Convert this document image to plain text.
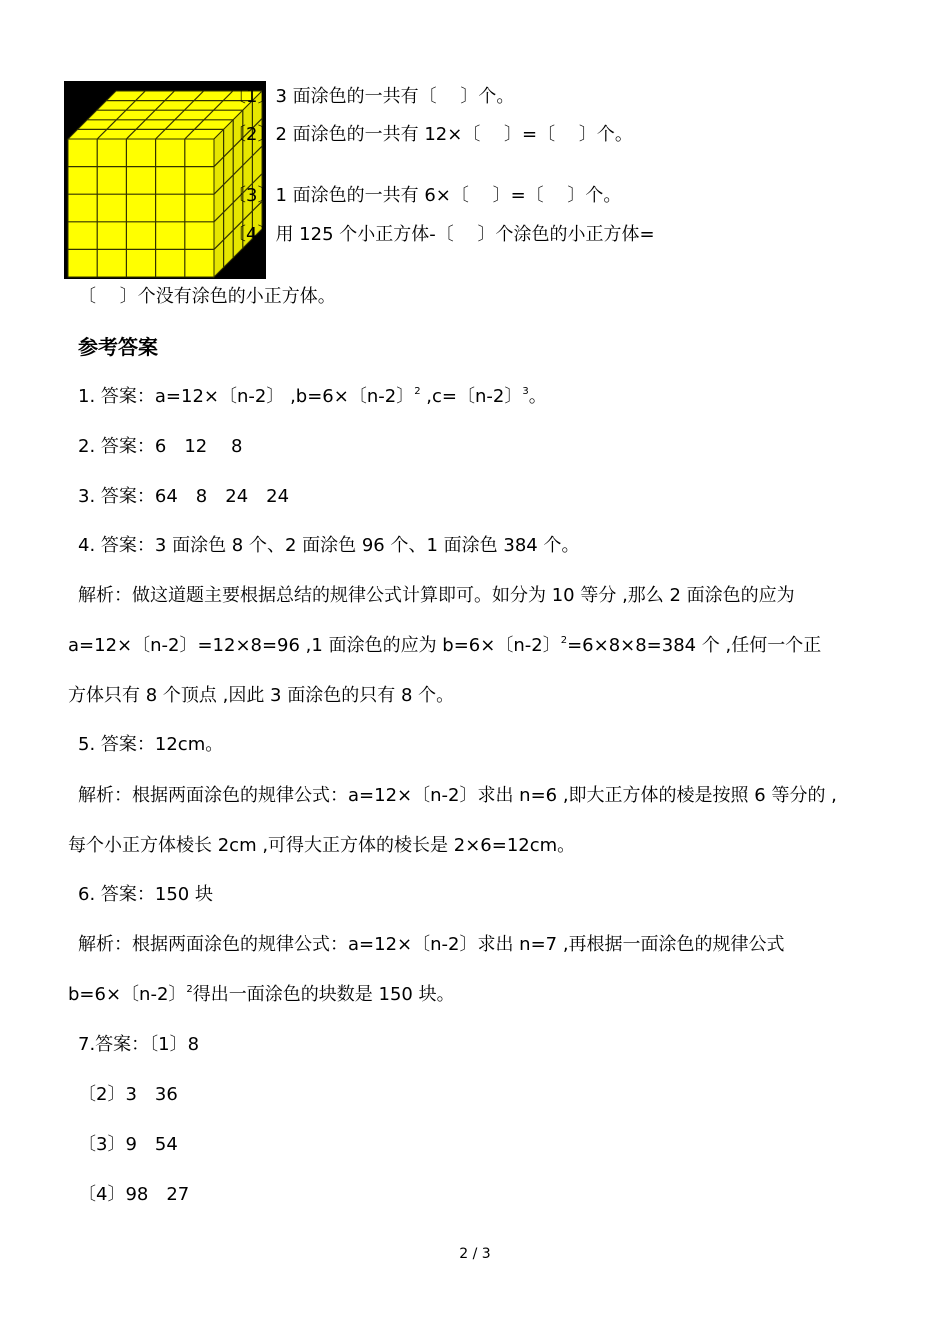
〔1〕3 面涂色的一共有〔　 〕个。
〔2〕2 面涂色的一共有 12×〔　 〕=〔　 〕个。
〔3〕1 面涂色的一共有 6×〔　 〕=〔　 〕个。
〔4〕用 125 个小正方体-〔　 〕个涂色的小正方体=
〔　 〕个没有涂色的小正方体。
参考答案
1. 答案：a=12×〔n-2〕 ,b=6×〔n-2〕$^2$ ,c=〔n-2〕$^3$。
2. 答案：6　12　 8
3. 答案：64　8　24　24
4. 答案：3 面涂色 8 个、2 面涂色 96 个、1 面涂色 384 个。
解析：做这道题主要根据总结的规律公式计算即可。如分为 10 等分 ,那么 2 面涂色的应为
a=12×〔n-2〕=12×8=96 ,1 面涂色的应为 b=6×〔n-2〕$^2$=6×8×8=384 个 ,任何一个正
方体只有 8 个顶点 ,因此 3 面涂色的只有 8 个。
5. 答案：12cm。
解析：根据两面涂色的规律公式：a=12×〔n-2〕求出 n=6 ,即大正方体的棱是按照 6 等分的 ,
每个小正方体棱长 2cm ,可得大正方体的棱长是 2×6=12cm。
6. 答案：150 块
解析：根据两面涂色的规律公式：a=12×〔n-2〕求出 n=7 ,再根据一面涂色的规律公式
b=6×〔n-2〕$^2$得出一面涂色的块数是 150 块。
7.答案：〔1〕8
〔2〕3　36
〔3〕9　54
〔4〕98　27
2 / 3
